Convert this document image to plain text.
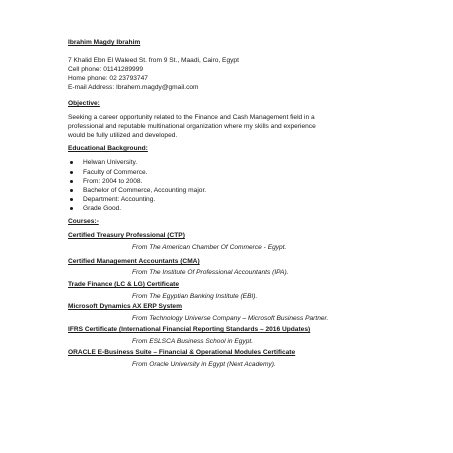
Ibrahim Magdy Ibrahim
7 Khalid Ebn El Waleed St. from 9 St., Maadi, Cairo, Egypt
Cell phone: 01141289999
Home phone: 02 23793747
E-mail Address: Ibrahem.magdy@gmail.com
Objective:
Seeking a career opportunity related to the Finance and Cash Management field in a
professional and reputable multinational organization where my skills and experience
would be fully utilized and developed.
Educational Background:
Helwan University.
Faculty of Commerce.
From: 2004 to 2008.
Bachelor of Commerce, Accounting major.
Department: Accounting.
Grade Good.
Courses:-
Certified Treasury Professional (CTP)
From The American Chamber Of Commerce - Egypt.
Certified Management Accountants (CMA)
From The Institute Of Professional Accountants (IPA).
Trade Finance (LC & LG) Certificate
From The Egyptian Banking Institute (EBI).
Microsoft Dynamics AX ERP System
From Technology Universe Company – Microsoft Business Partner.
IFRS Certificate (International Financial Reporting Standards – 2016 Updates)
From ESLSCA Business School in Egypt.
ORACLE E-Business Suite – Financial & Operational Modules Certificate
From Oracle University in Egypt (Next Academy).
